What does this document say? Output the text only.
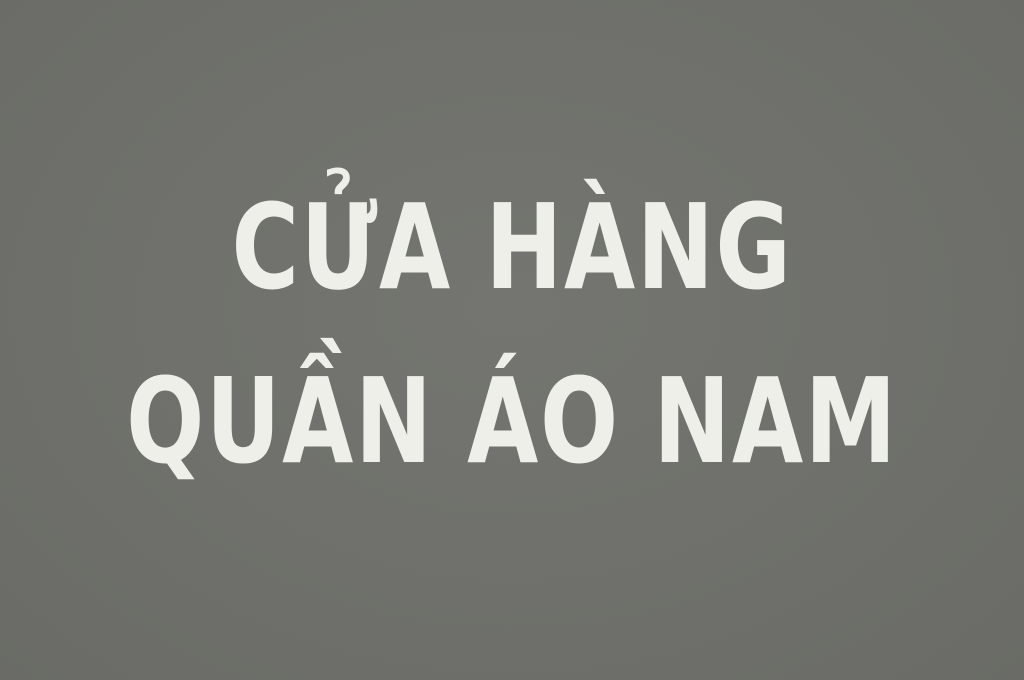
CỬA HÀNG
QUẦN ÁO NAM
